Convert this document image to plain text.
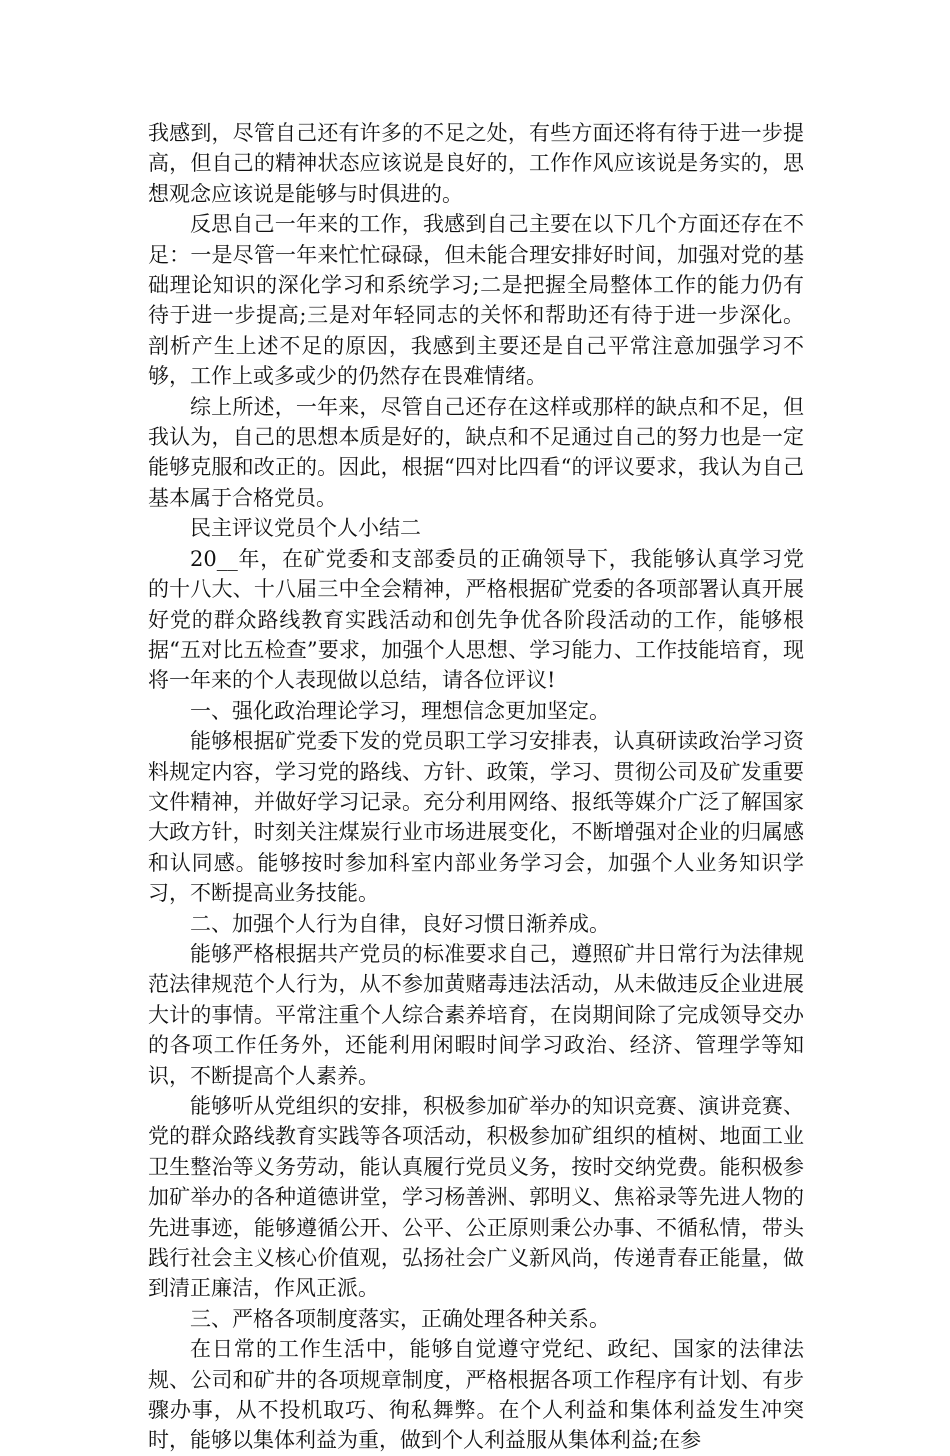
我感到，尽管自己还有许多的不足之处，有些方面还将有待于进一步提高，但自己的精神状态应该说是良好的，工作作风应该说是务实的，思想观念应该说是能够与时俱进的。

反思自己一年来的工作，我感到自己主要在以下几个方面还存在不足：一是尽管一年来忙忙碌碌，但未能合理安排好时间，加强对党的基础理论知识的深化学习和系统学习;二是把握全局整体工作的能力仍有待于进一步提高;三是对年轻同志的关怀和帮助还有待于进一步深化。剖析产生上述不足的原因，我感到主要还是自己平常注意加强学习不够，工作上或多或少的仍然存在畏难情绪。

综上所述，一年来，尽管自己还存在这样或那样的缺点和不足，但我认为，自己的思想本质是好的，缺点和不足通过自己的努力也是一定能够克服和改正的。因此，根据“四对比四看“的评议要求，我认为自己基本属于合格党员。

民主评议党员个人小结二

20__年，在矿党委和支部委员的正确领导下，我能够认真学习党的十八大、十八届三中全会精神，严格根据矿党委的各项部署认真开展好党的群众路线教育实践活动和创先争优各阶段活动的工作，能够根据“五对比五检查”要求，加强个人思想、学习能力、工作技能培育，现将一年来的个人表现做以总结，请各位评议!

一、强化政治理论学习，理想信念更加坚定。

能够根据矿党委下发的党员职工学习安排表，认真研读政治学习资料规定内容，学习党的路线、方针、政策，学习、贯彻公司及矿发重要文件精神，并做好学习记录。充分利用网络、报纸等媒介广泛了解国家大政方针，时刻关注煤炭行业市场进展变化，不断增强对企业的归属感和认同感。能够按时参加科室内部业务学习会，加强个人业务知识学习，不断提高业务技能。

二、加强个人行为自律，良好习惯日渐养成。

能够严格根据共产党员的标准要求自己，遵照矿井日常行为法律规范法律规范个人行为，从不参加黄赌毒违法活动，从未做违反企业进展大计的事情。平常注重个人综合素养培育，在岗期间除了完成领导交办的各项工作任务外，还能利用闲暇时间学习政治、经济、管理学等知识，不断提高个人素养。

能够听从党组织的安排，积极参加矿举办的知识竞赛、演讲竞赛、党的群众路线教育实践等各项活动，积极参加矿组织的植树、地面工业卫生整治等义务劳动，能认真履行党员义务，按时交纳党费。能积极参加矿举办的各种道德讲堂，学习杨善洲、郭明义、焦裕录等先进人物的先进事迹，能够遵循公开、公平、公正原则秉公办事、不循私情，带头践行社会主义核心价值观，弘扬社会广义新风尚，传递青春正能量，做到清正廉洁，作风正派。

三、严格各项制度落实，正确处理各种关系。

在日常的工作生活中，能够自觉遵守党纪、政纪、国家的法律法规、公司和矿井的各项规章制度，严格根据各项工作程序有计划、有步骤办事，从不投机取巧、徇私舞弊。在个人利益和集体利益发生冲突时，能够以集体利益为重，做到个人利益服从集体利益;在参
